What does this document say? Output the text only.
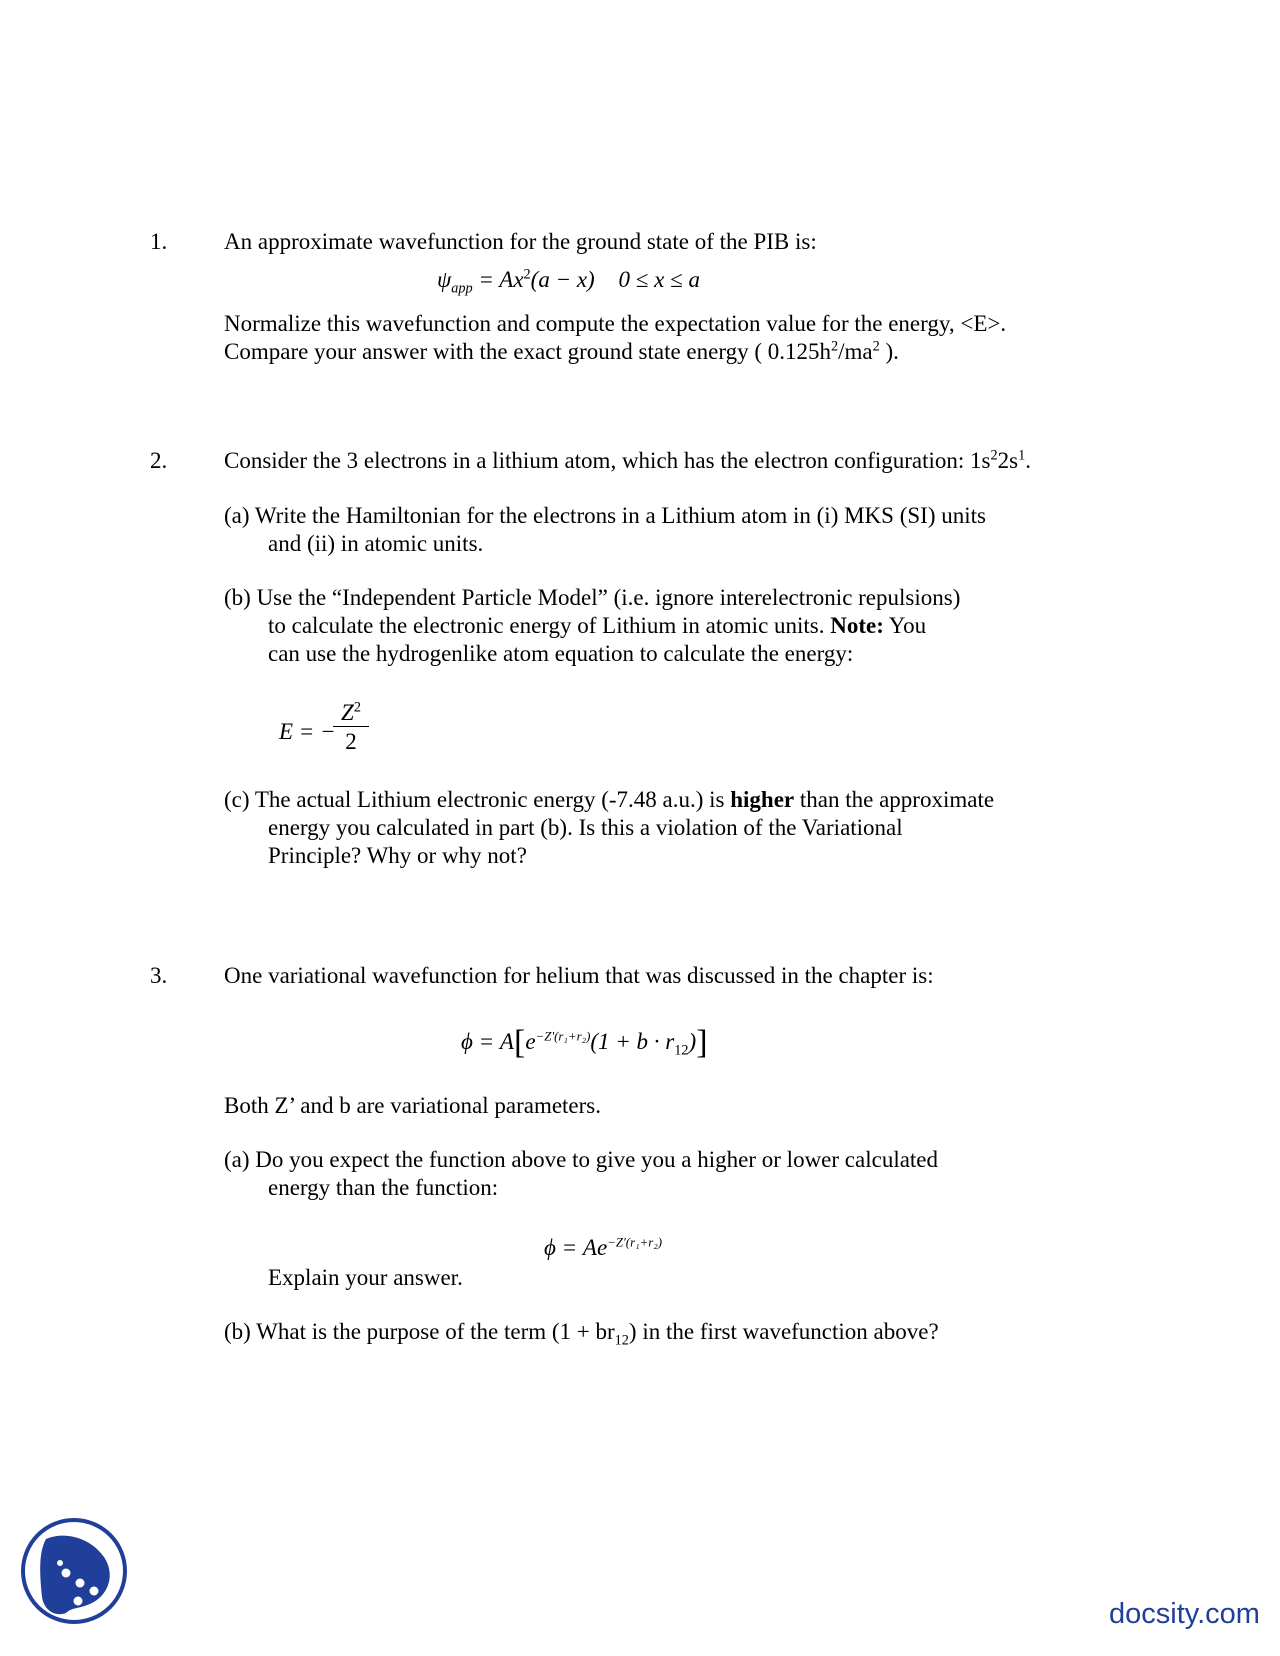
1. An approximate wavefunction for the ground state of the PIB is:
$\psi_{app} = Ax^2(a - x) 0 \le x \le a$
Normalize this wavefunction and compute the expectation value for the energy, <E>.
Compare your answer with the exact ground state energy ( $0.125h^2/ma^2$ ).
2. Consider the 3 electrons in a lithium atom, which has the electron configuration: $1s^22s^1$.
(a) Write the Hamiltonian for the electrons in a Lithium atom in (i) MKS (SI) units
and (ii) in atomic units.
(b) Use the “Independent Particle Model” (i.e. ignore interelectronic repulsions)
to calculate the electronic energy of Lithium in atomic units. Note: You
can use the hydrogenlike atom equation to calculate the energy:
E = −
$Z^2$
2
(c) The actual Lithium electronic energy (-7.48 a.u.) is higher than the approximate
energy you calculated in part (b). Is this a violation of the Variational
Principle? Why or why not?
3. One variational wavefunction for helium that was discussed in the chapter is:
$\phi = A[e^{-Z'(r_1+r_2)}(1 + b \cdot r_{12})]$
Both Z’ and b are variational parameters.
(a) Do you expect the function above to give you a higher or lower calculated
energy than the function:
$\phi = Ae^{-Z'(r_1+r_2)}$
Explain your answer.
(b) What is the purpose of the term $(1 + br_{12})$ in the first wavefunction above?
docsity.com
